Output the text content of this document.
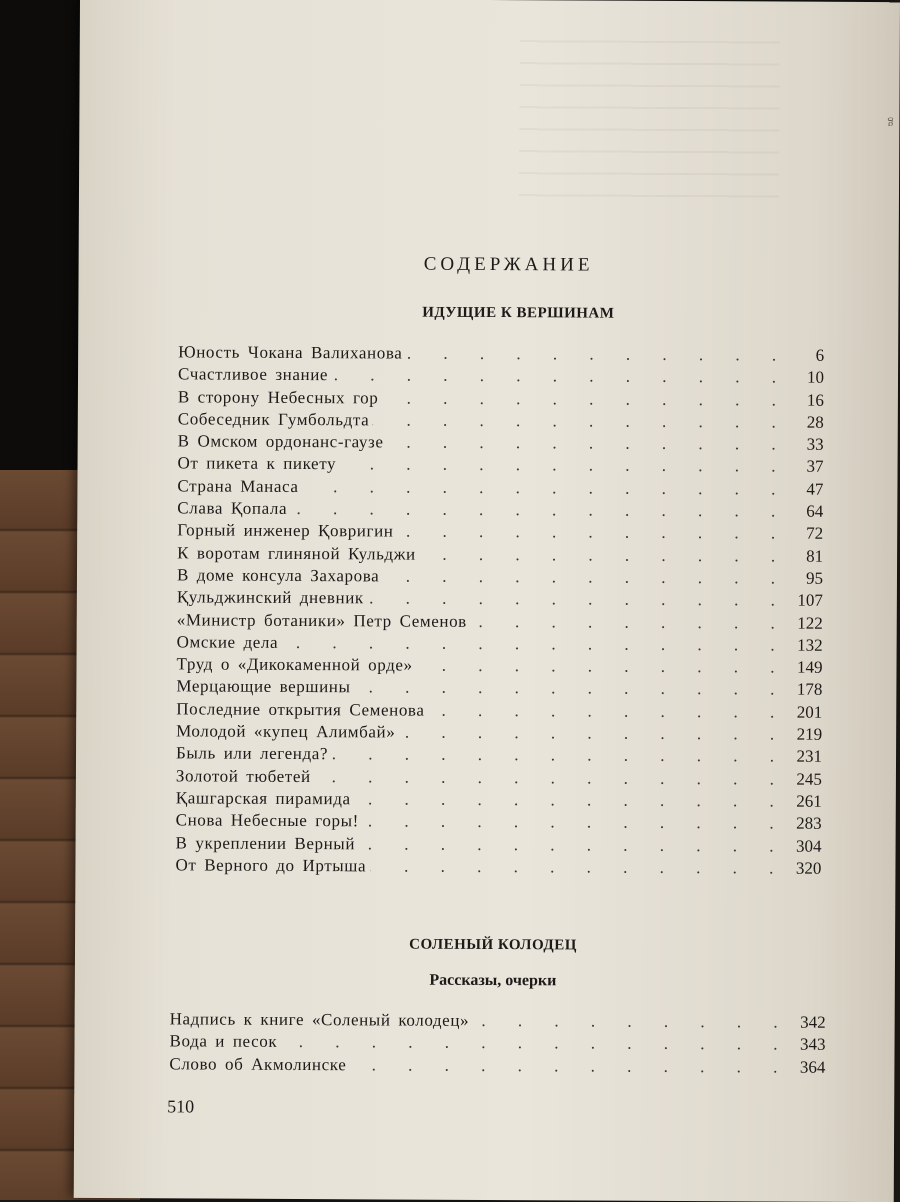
ᵷ
СОДЕРЖАНИЕ
ИДУЩИЕ К ВЕРШИНАМ
Юность Чокана Валиханова . . .	6
Счастливое знание . . .	10
В сторону Небесных гор . . .	16
Собеседник Гумбольдта . . .	28
В Омском ордонанс-гаузе . . .	33
От пикета к пикету . . .	37
Страна Манаса . . .	47
Слава Қопала . . .	64
Горный инженер Қовригин . . .	72
К воротам глиняной Кульджи . . .	81
В доме консула Захарова . . .	95
Қульджинский дневник . . .	107
«Министр ботаники» Петр Семенов . . .	122
Омские дела . . .	132
Труд о «Дикокаменной орде» . . .	149
Мерцающие вершины . . .	178
Последние открытия Семенова . . .	201
Молодой «купец Алимбай» . . .	219
Быль или легенда? . . .	231
Золотой тюбетей . . .	245
Қашгарская пирамида . . .	261
Снова Небесные горы! . . .	283
В укреплении Верный . . .	304
От Верного до Иртыша . . .	320
СОЛЕНЫЙ КОЛОДЕЦ
Рассказы, очерки
Надпись к книге «Соленый колодец» . . .	342
Вода и песок . . .	343
Слово об Акмолинске . . .	364
510
